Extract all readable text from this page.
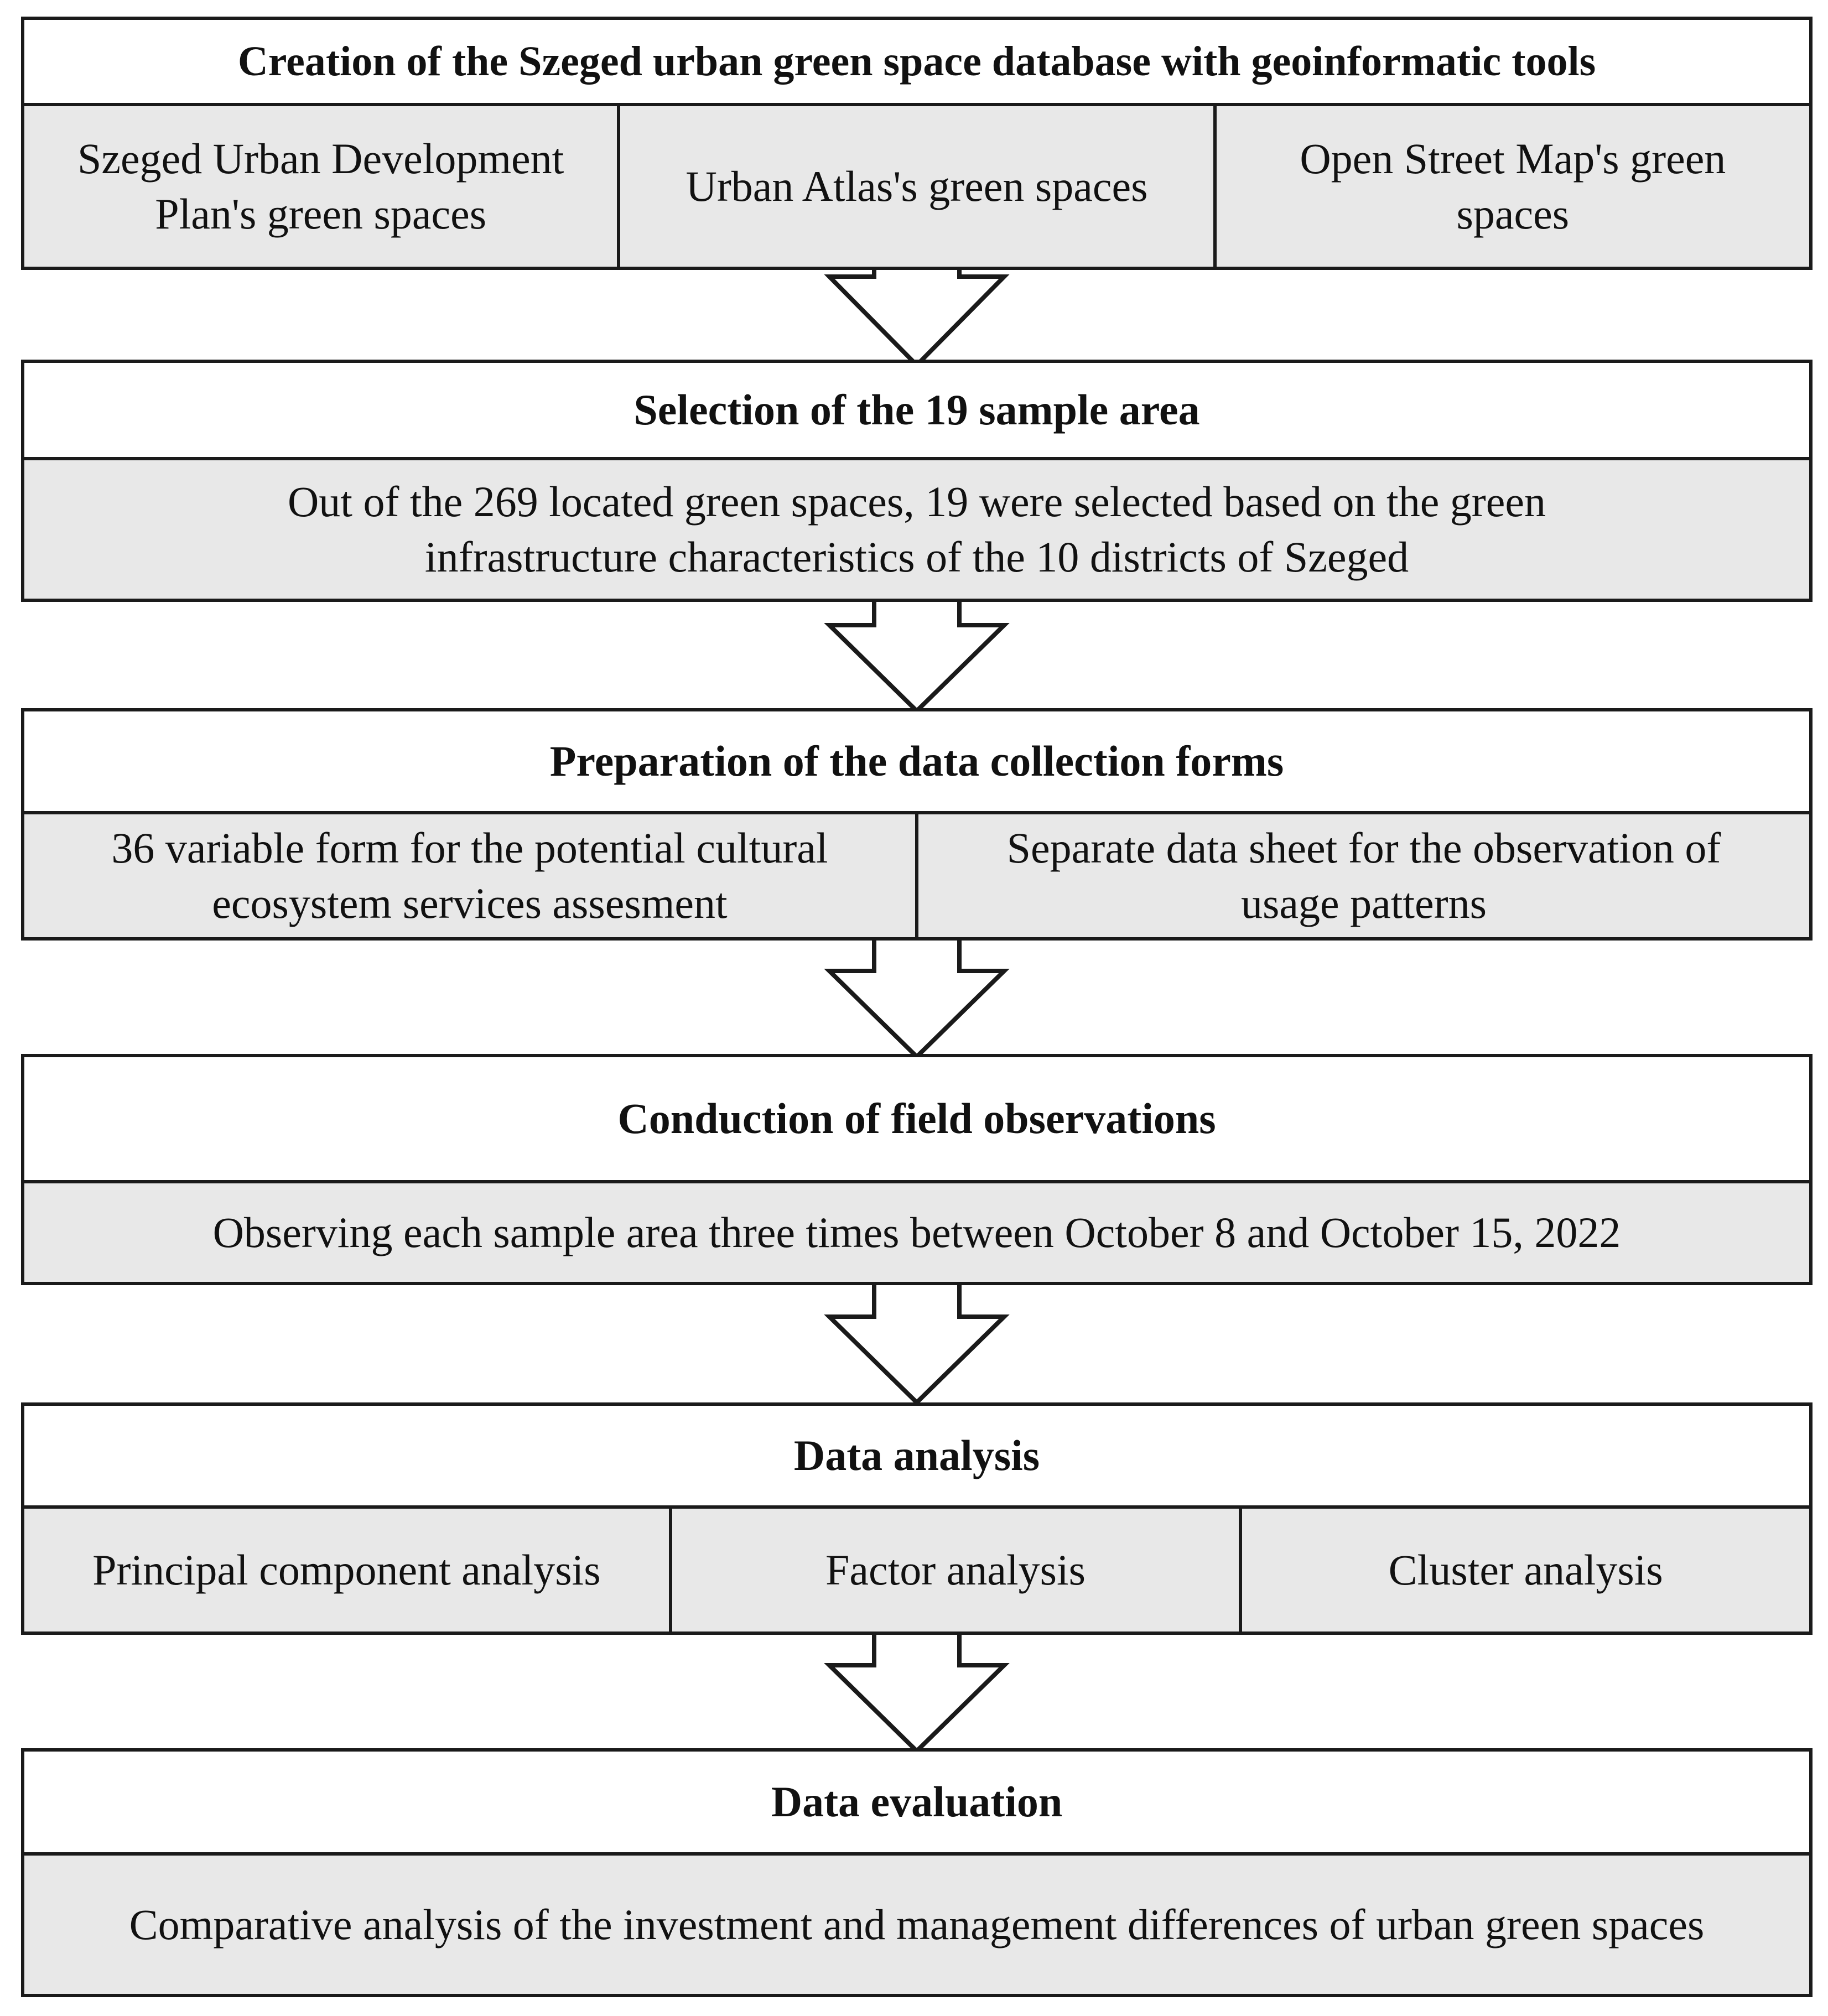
Creation of the Szeged urban green space database with geoinformatic tools
Szeged Urban Development Plan's green spaces
Urban Atlas's green spaces
Open Street Map's green spaces
Selection of the 19 sample area
Out of the 269 located green spaces, 19 were selected based on the green infrastructure characteristics of the 10 districts of Szeged
Preparation of the data collection forms
36 variable form for the potential cultural ecosystem services assesment
Separate data sheet for the observation of usage patterns
Conduction of field observations
Observing each sample area three times between October 8 and October 15, 2022
Data analysis
Principal component analysis	Factor analysis	Cluster analysis
Data evaluation
Comparative analysis of the investment and management differences of urban green spaces
